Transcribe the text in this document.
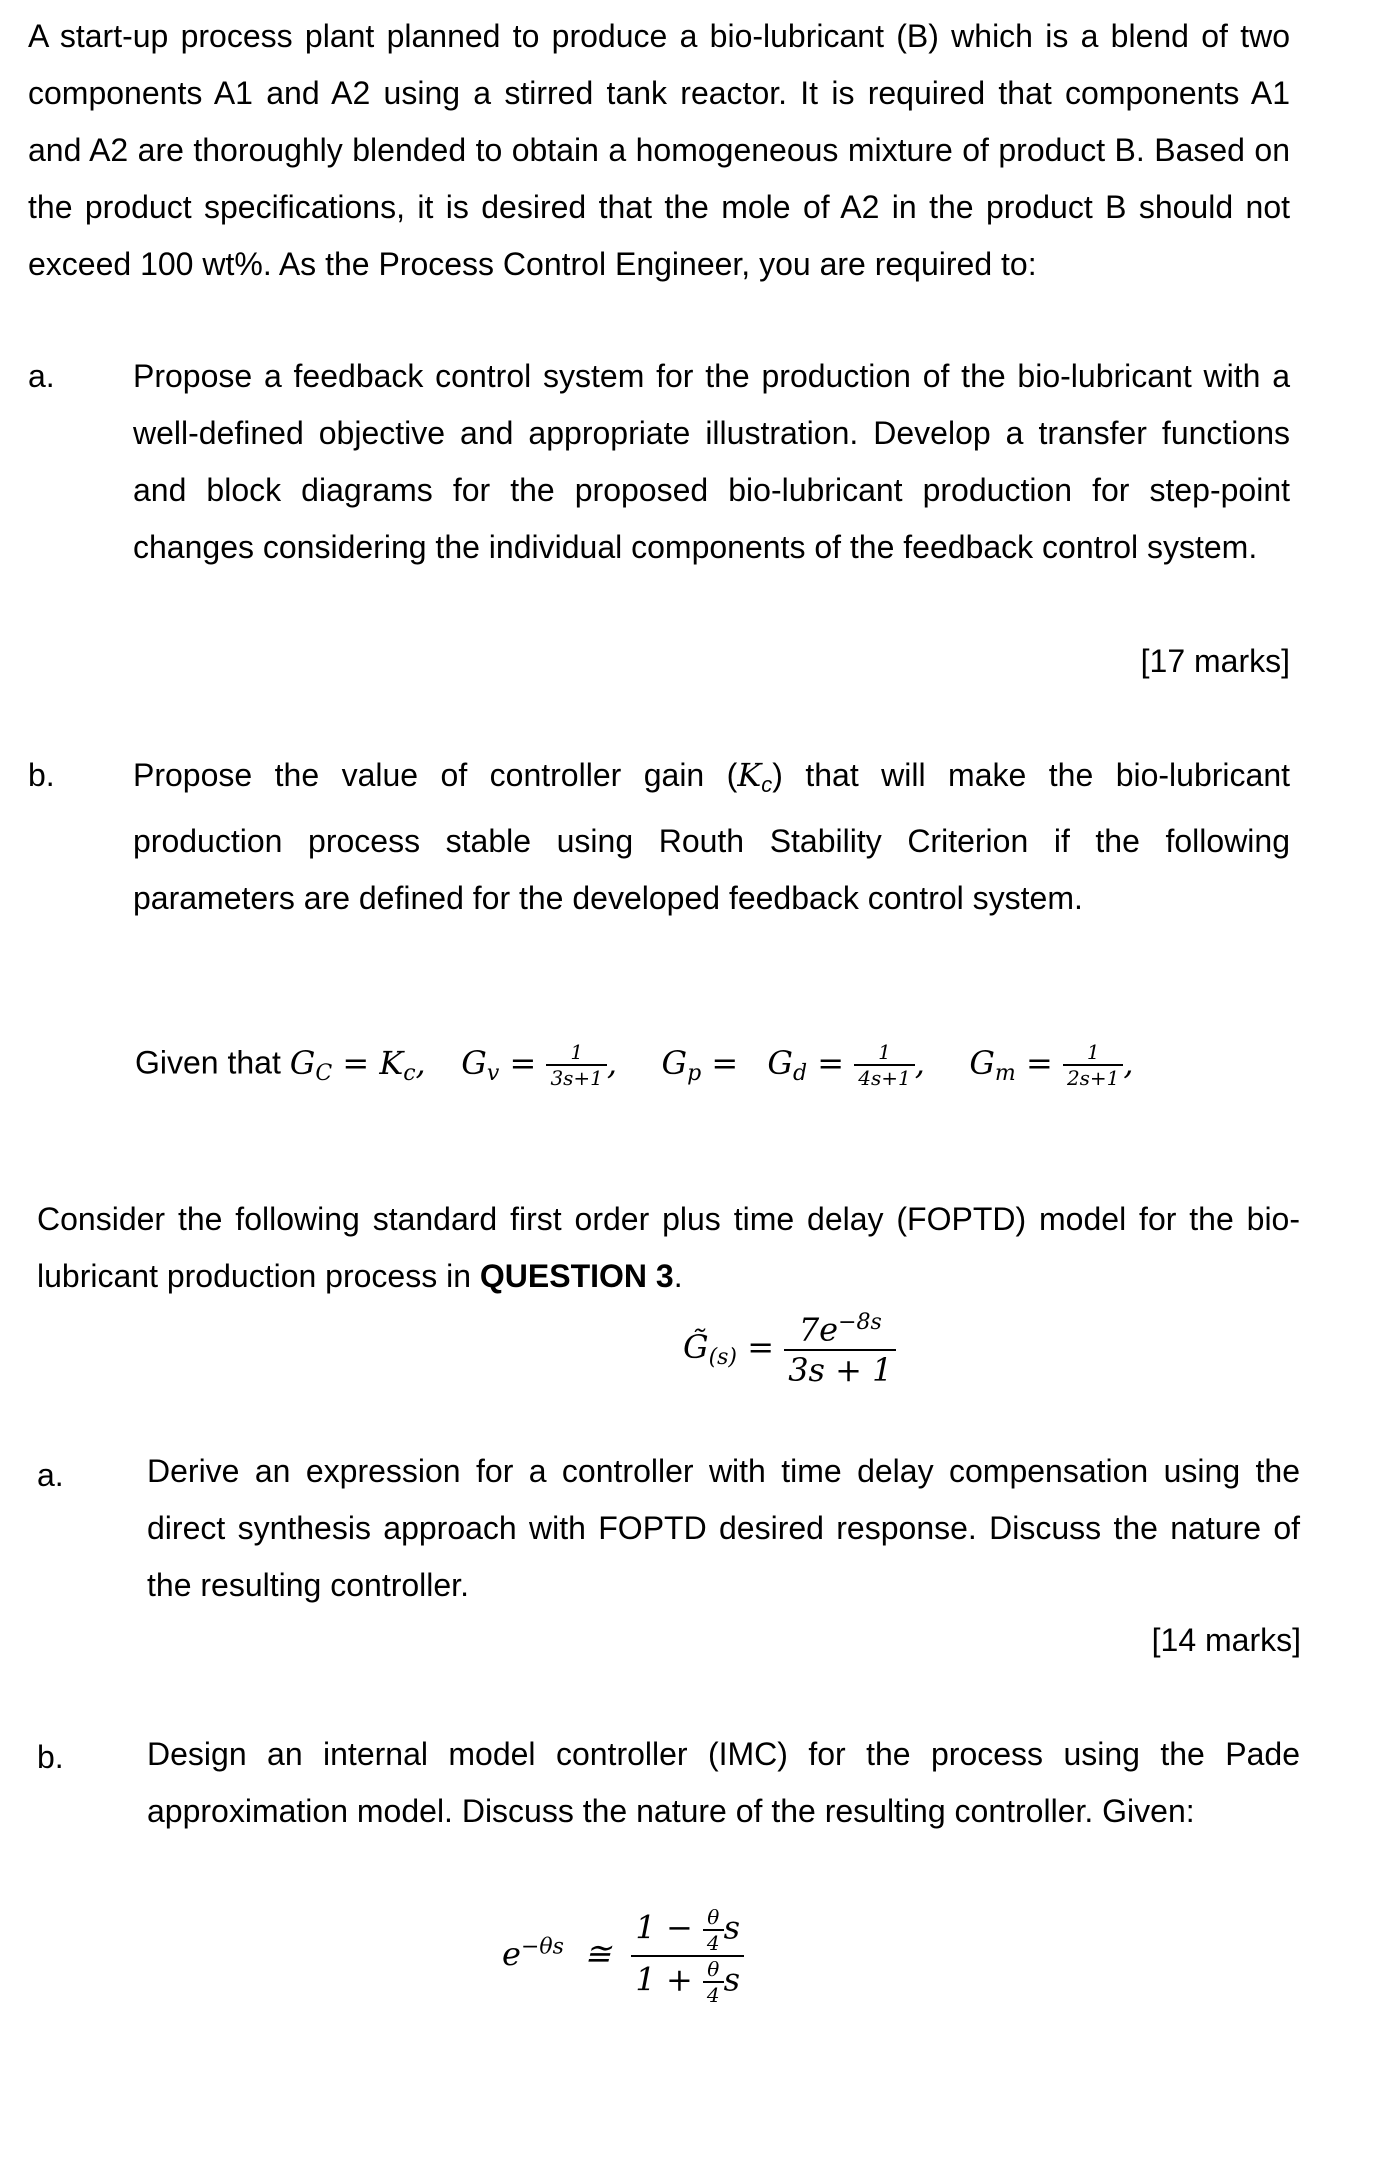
A start-up process plant planned to produce a bio-lubricant (B) which is a blend of two components A1 and A2 using a stirred tank reactor. It is required that components A1 and A2 are thoroughly blended to obtain a homogeneous mixture of product B. Based on the product specifications, it is desired that the mole of A2 in the product B should not exceed 100 wt%. As the Process Control Engineer, you are required to:

a. Propose a feedback control system for the production of the bio-lubricant with a well-defined objective and appropriate illustration. Develop a transfer functions and block diagrams for the proposed bio-lubricant production for step-point changes considering the individual components of the feedback control system.

[17 marks]
b. Propose the value of controller gain $(K_c)$ that will make the bio-lubricant production process stable using Routh Stability Criterion if the following parameters are defined for the developed feedback control system.

Given that $G_C = K_c$, $G_v = \frac{1}{3s+1}$ , $G_p = G_d = \frac{1}{4s+1}$ , $G_m = \frac{1}{2s+1}$ ,

Consider the following standard first order plus time delay (FOPTD) model for the bio-lubricant production process in QUESTION 3.

$G̃_{(s)} = \frac{7e^{-8s}}{3s + 1}$
a.	Derive an expression for a controller with time delay compensation using the direct synthesis approach with FOPTD desired response. Discuss the nature of the resulting controller.

[14 marks]
b.	Design an internal model controller (IMC) for the process using the Pade approximation model. Discuss the nature of the resulting controller. Given:

$e^{-\theta s}$ ≅ $\frac{1 - \frac{\theta}{4} s}{1 + \frac{\theta}{4} s}$
